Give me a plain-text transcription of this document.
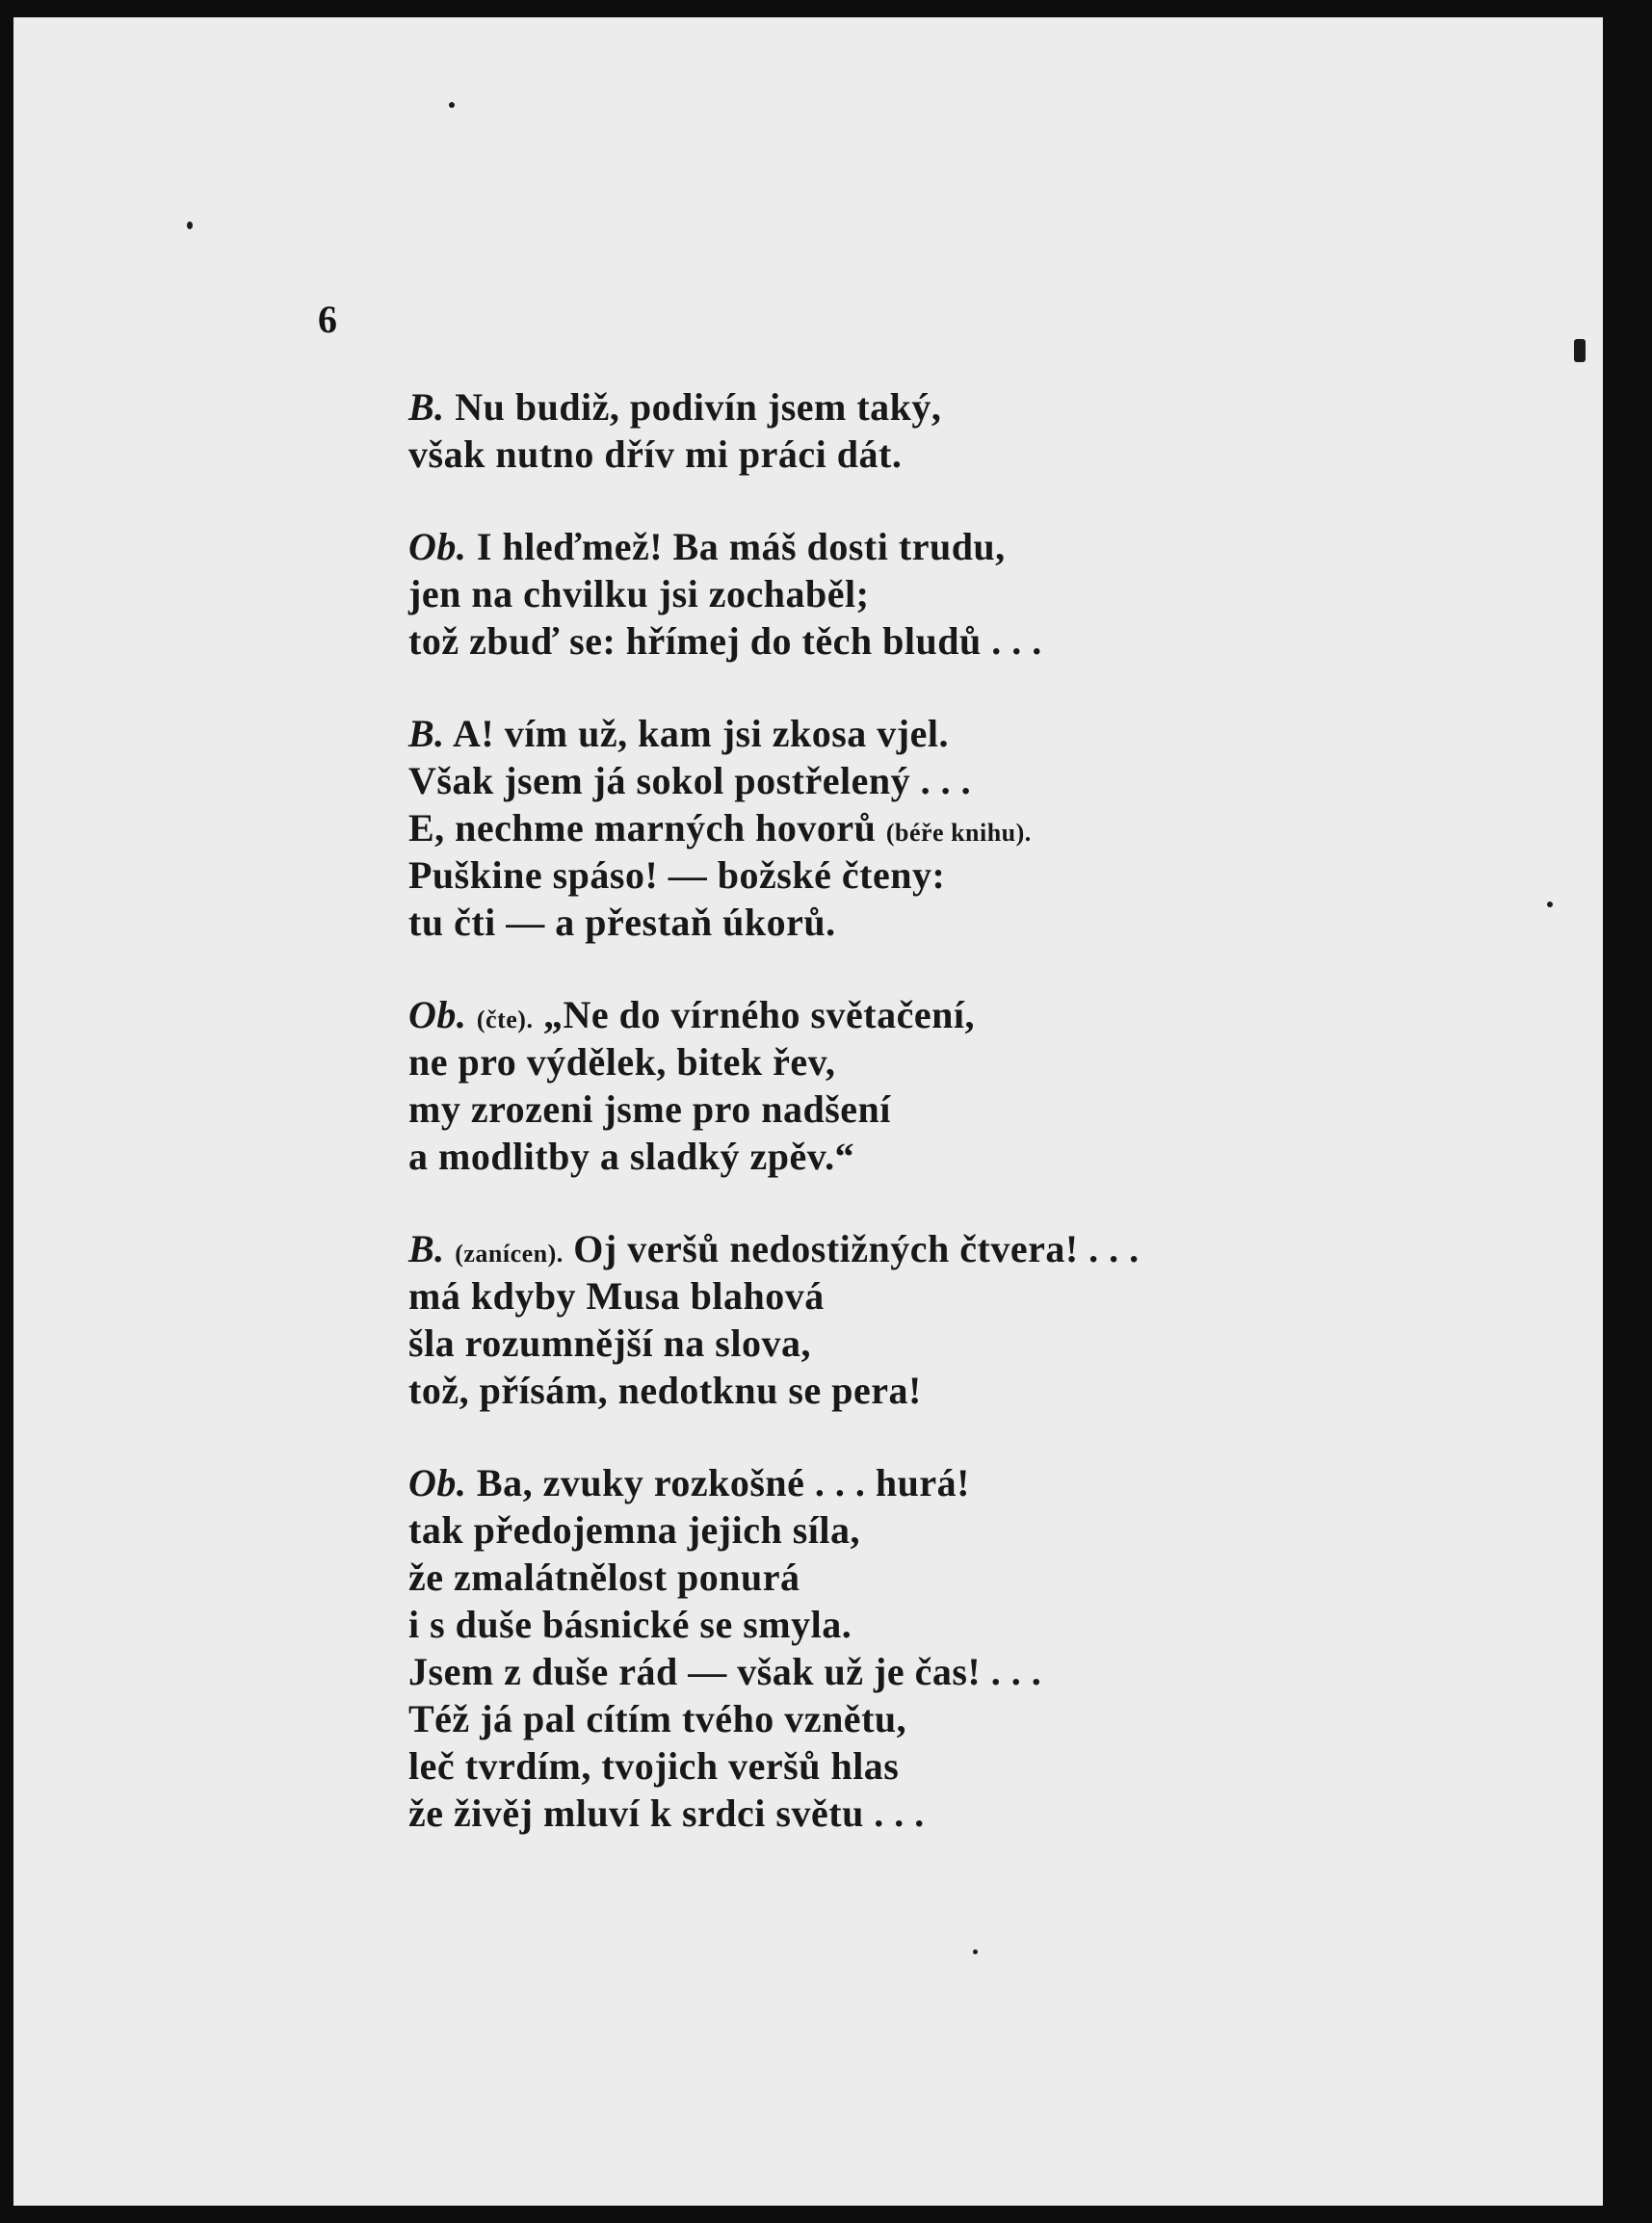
6
B. Nu budiž, podivín jsem taký,
však nutno dřív mi práci dát.
Ob. I hleďmež! Ba máš dosti trudu,
jen na chvilku jsi zochaběl;
tož zbuď se: hřímej do těch bludů . . .
B. A! vím už, kam jsi zkosa vjel.
Však jsem já sokol postřelený . . .
E, nechme marných hovorů (béře knihu).
Puškine spáso! — božské čteny:
tu čti — a přestaň úkorů.
Ob. (čte). „Ne do vírného světačení,
ne pro výdělek, bitek řev,
my zrozeni jsme pro nadšení
a modlitby a sladký zpěv.“
B. (zanícen). Oj veršů nedostižných čtvera! . . .
má kdyby Musa blahová
šla rozumnější na slova,
tož, přísám, nedotknu se pera!
Ob. Ba, zvuky rozkošné . . . hurá!
tak předojemna jejich síla,
že zmalátnělost ponurá
i s duše básnické se smyla.
Jsem z duše rád — však už je čas! . . .
Též já pal cítím tvého vznětu,
leč tvrdím, tvojich veršů hlas
že živěj mluví k srdci světu . . .
